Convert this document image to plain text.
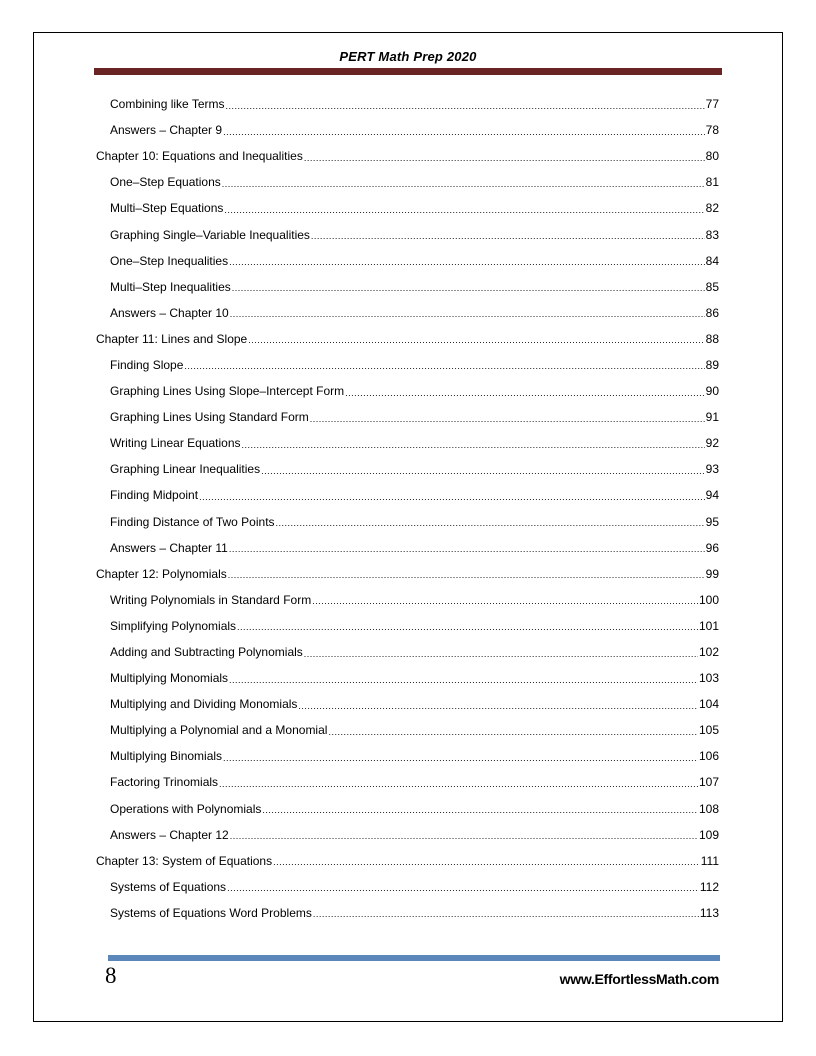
PERT Math Prep 2020
Combining like Terms .....	77
Answers – Chapter 9 .....	78
Chapter 10: Equations and Inequalities .....	80
One–Step Equations .....	81
Multi–Step Equations .....	82
Graphing Single–Variable Inequalities .....	83
One–Step Inequalities .....	84
Multi–Step Inequalities .....	85
Answers – Chapter 10 .....	86
Chapter 11: Lines and Slope .....	88
Finding Slope .....	89
Graphing Lines Using Slope–Intercept Form .....	90
Graphing Lines Using Standard Form .....	91
Writing Linear Equations .....	92
Graphing Linear Inequalities .....	93
Finding Midpoint .....	94
Finding Distance of Two Points .....	95
Answers – Chapter 11 .....	96
Chapter 12: Polynomials .....	99
Writing Polynomials in Standard Form .....	100
Simplifying Polynomials .....	101
Adding and Subtracting Polynomials .....	102
Multiplying Monomials .....	103
Multiplying and Dividing Monomials .....	104
Multiplying a Polynomial and a Monomial .....	105
Multiplying Binomials .....	106
Factoring Trinomials .....	107
Operations with Polynomials .....	108
Answers – Chapter 12 .....	109
Chapter 13: System of Equations .....	111
Systems of Equations .....	112
Systems of Equations Word Problems .....	113
8	www.EffortlessMath.com
